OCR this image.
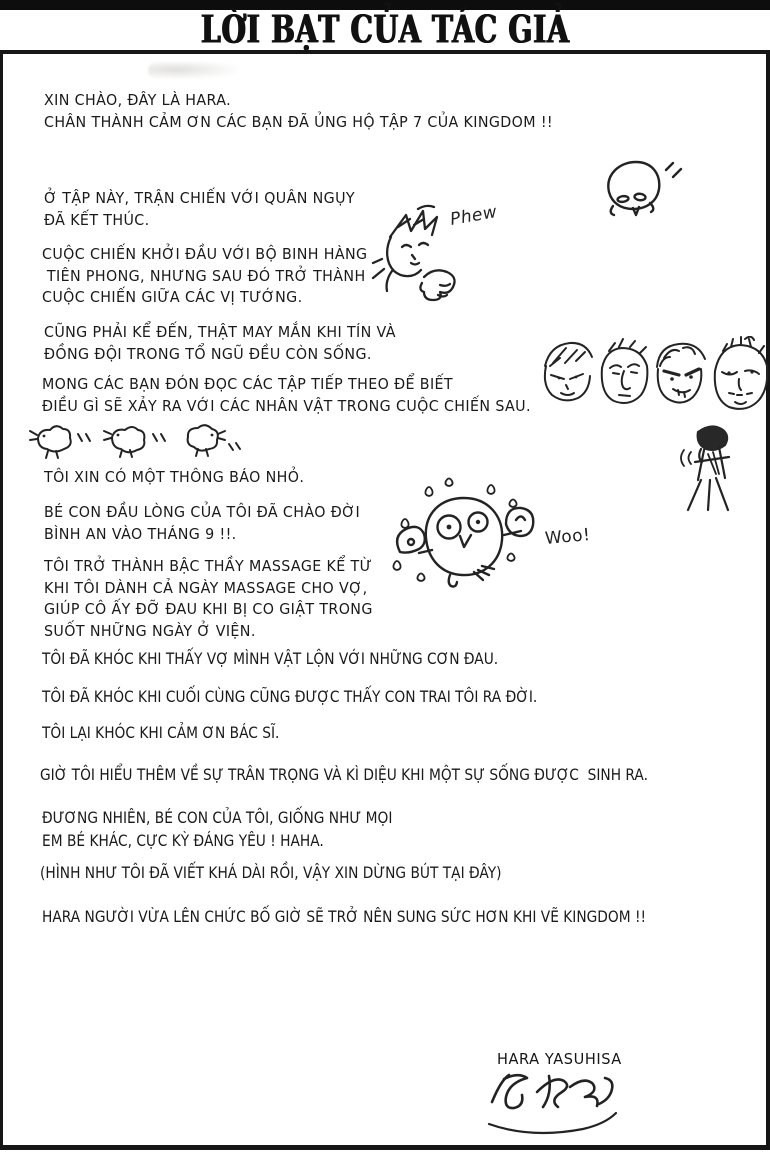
LỜI BẠT CỦA TÁC GIẢ
XIN CHÀO, ĐÂY LÀ HARA.
CHÂN THÀNH CẢM ƠN CÁC BẠN ĐÃ ỦNG HỘ TẬP 7 CỦA KINGDOM !!
Ở TẬP NÀY, TRẬN CHIẾN VỚI QUÂN NGỤY
ĐÃ KẾT THÚC.
CUỘC CHIẾN KHỞI ĐẦU VỚI BỘ BINH HÀNG
TIÊN PHONG, NHƯNG SAU ĐÓ TRỞ THÀNH
CUỘC CHIẾN GIỮA CÁC VỊ TƯỚNG.
CŨNG PHẢI KỂ ĐẾN, THẬT MAY MẮN KHI TÍN VÀ
ĐỒNG ĐỘI TRONG TỔ NGŨ ĐỀU CÒN SỐNG.
MONG CÁC BẠN ĐÓN ĐỌC CÁC TẬP TIẾP THEO ĐỂ BIẾT
ĐIỀU GÌ SẼ XẢY RA VỚI CÁC NHÂN VẬT TRONG CUỘC CHIẾN SAU.
TÔI XIN CÓ MỘT THÔNG BÁO NHỎ.
BÉ CON ĐẦU LÒNG CỦA TÔI ĐÃ CHÀO ĐỜI
BÌNH AN VÀO THÁNG 9 !!.
TÔI TRỞ THÀNH BẬC THẦY MASSAGE KỂ TỪ
KHI TÔI DÀNH CẢ NGÀY MASSAGE CHO VỢ,
GIÚP CÔ ẤY ĐỠ ĐAU KHI BỊ CO GIẬT TRONG
SUỐT NHỮNG NGÀY Ở VIỆN.
TÔI ĐÃ KHÓC KHI THẤY VỢ MÌNH VẬT LỘN VỚI NHỮNG CƠN ĐAU.
TÔI ĐÃ KHÓC KHI CUỐI CÙNG CŨNG ĐƯỢC THẤY CON TRAI TÔI RA ĐỜI.
TÔI LẠI KHÓC KHI CẢM ƠN BÁC SĨ.
GIỜ TÔI HIỂU THÊM VỀ SỰ TRÂN TRỌNG VÀ KÌ DIỆU KHI MỘT SỰ SỐNG ĐƯỢC  SINH RA.
ĐƯƠNG NHIÊN, BÉ CON CỦA TÔI, GIỐNG NHƯ MỌI
EM BÉ KHÁC, CỰC KỲ ĐÁNG YÊU ! HAHA.
(HÌNH NHƯ TÔI ĐÃ VIẾT KHÁ DÀI RỒI, VẬY XIN DỪNG BÚT TẠI ĐÂY)
HARA NGƯỜI VỪA LÊN CHỨC BỐ GIỜ SẼ TRỞ NÊN SUNG SỨC HƠN KHI VẼ KINGDOM !!
Phew
Woo!
HARA YASUHISA
